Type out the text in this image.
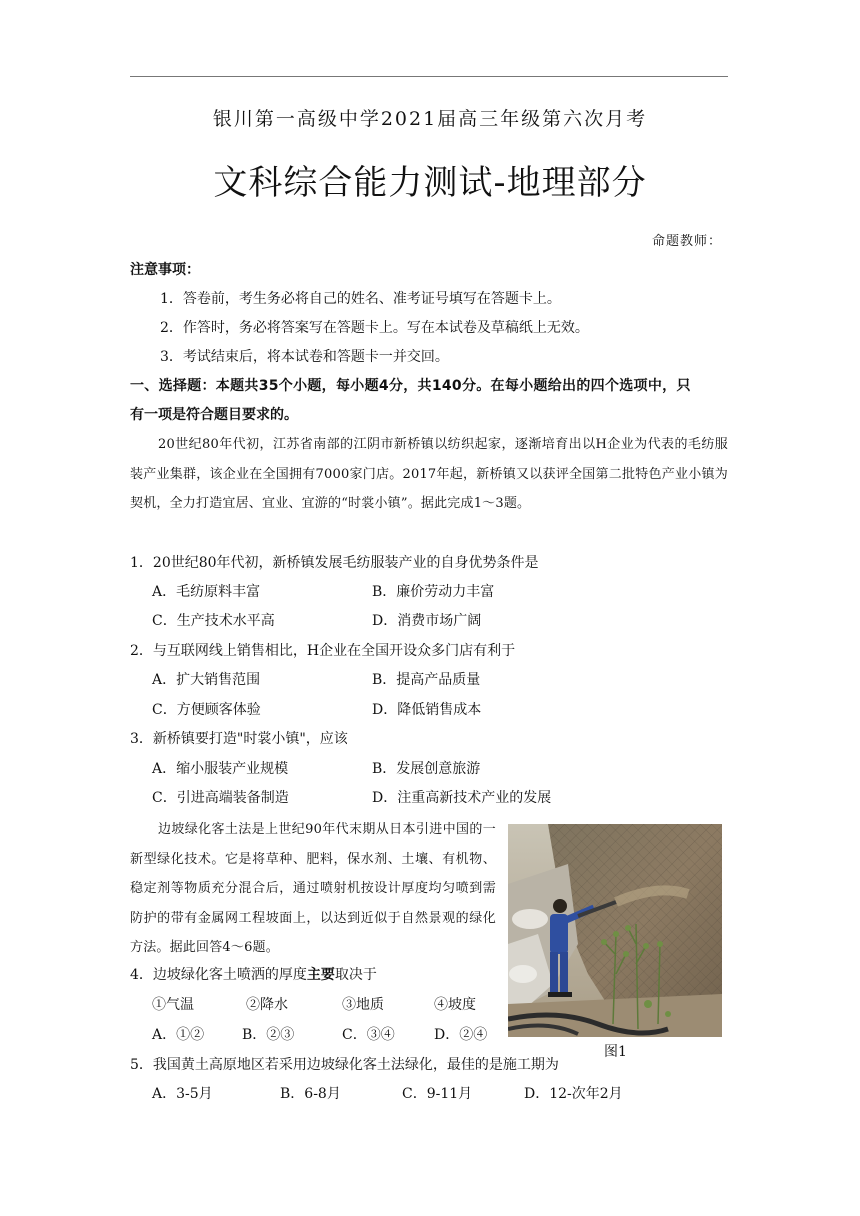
银川第一高级中学2021届高三年级第六次月考
文科综合能力测试-地理部分
命题教师：
注意事项：
1．答卷前，考生务必将自己的姓名、准考证号填写在答题卡上。
2．作答时，务必将答案写在答题卡上。写在本试卷及草稿纸上无效。
3．考试结束后，将本试卷和答题卡一并交回。
一、选择题：本题共35个小题，每小题4分，共140分。在每小题给出的四个选项中，只
有一项是符合题目要求的。
20世纪80年代初，江苏省南部的江阴市新桥镇以纺织起家，逐渐培育出以H企业为代表的毛纺服装产业集群，该企业在全国拥有7000家门店。2017年起，新桥镇又以获评全国第二批特色产业小镇为契机，全力打造宜居、宜业、宜游的“时裳小镇”。据此完成1～3题。
1．20世纪80年代初，新桥镇发展毛纺服装产业的自身优势条件是
A．毛纺原料丰富	B．廉价劳动力丰富
C．生产技术水平高	D．消费市场广阔
2．与互联网线上销售相比，H企业在全国开设众多门店有利于
A．扩大销售范围	B．提高产品质量
C．方便顾客体验	D．降低销售成本
3．新桥镇要打造"时裳小镇"，应该
A．缩小服装产业规模	B．发展创意旅游
C．引进高端装备制造	D．注重高新技术产业的发展
边坡绿化客土法是上世纪90年代末期从日本引进中国的一新型绿化技术。它是将草种、肥料，保水剂、土壤、有机物、稳定剂等物质充分混合后，通过喷射机按设计厚度均匀喷到需防护的带有金属网工程坡面上，以达到近似于自然景观的绿化方法。据此回答4～6题。
4．边坡绿化客土喷洒的厚度主要取决于
①气温	②降水	③地质	④坡度
A．①②	B．②③	C．③④	D．②④
图1
5．我国黄土高原地区若采用边坡绿化客土法绿化，最佳的是施工期为
A．3-5月	B．6-8月	C．9-11月	D．12-次年2月
